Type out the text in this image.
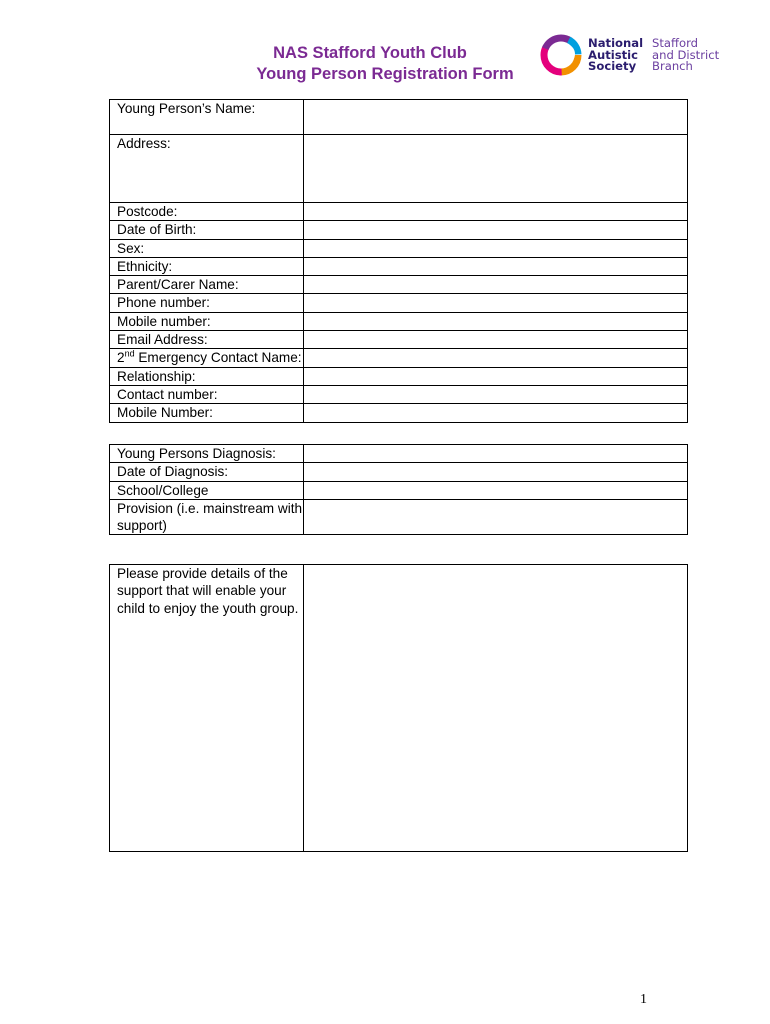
NAS Stafford Youth Club
Young Person Registration Form
National
Autistic
Society
Stafford
and District
Branch
Young Person’s Name:	
Address:	
Postcode:	
Date of Birth:	
Sex:	
Ethnicity:	
Parent/Carer Name:	
Phone number:	
Mobile number:	
Email Address:	
2nd Emergency Contact Name:	
Relationship:	
Contact number:	
Mobile Number:	
Young Persons Diagnosis:	
Date of Diagnosis:	
School/College	
Provision (i.e. mainstream with support)	
Please provide details of the support that will enable your child to enjoy the youth group.	
1
